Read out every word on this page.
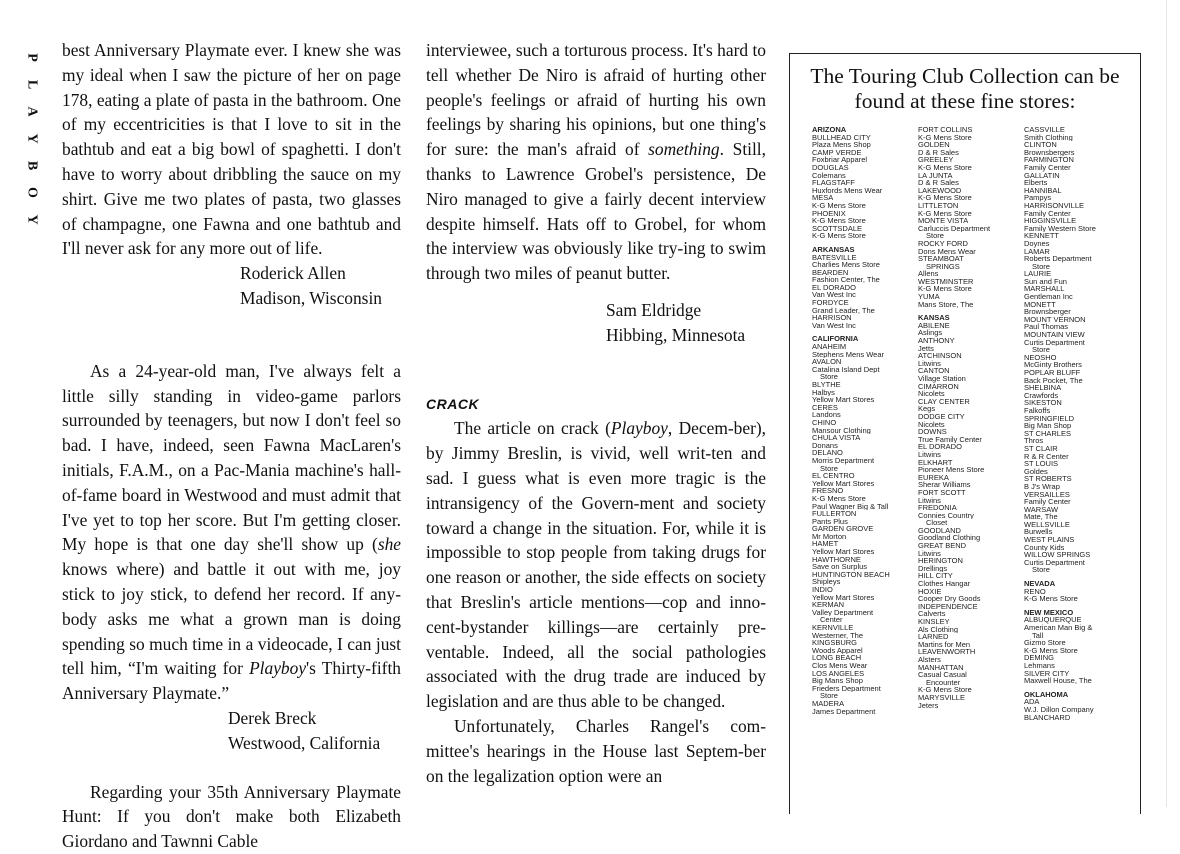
P
L
A
Y
B
O
Y

best Anniversary Playmate ever. I knew she was my ideal when I saw the picture of her on page 178, eating a plate of pasta in the bathroom. One of my eccentricities is that I love to sit in the bathtub and eat a big bowl of spaghetti. I don't have to worry about dribbling the sauce on my shirt. Give me two plates of pasta, two glasses of champagne, one Fawna and one bathtub and I'll never ask for any more out of life.

Roderick Allen

Madison, Wisconsin

As a 24-year-old man, I've always felt a little silly standing in video-game parlors surrounded by teenagers, but now I don't feel so bad. I have, indeed, seen Fawna MacLaren's initials, F.A.M., on a Pac-Mania machine's hall-of-fame board in Westwood and must admit that I've yet to top her score. But I'm getting closer. My hope is that one day she'll show up (she knows where) and battle it out with me, joy stick to joy stick, to defend her record. If any-body asks me what a grown man is doing spending so much time in a videocade, I can just tell him, “I'm waiting for Playboy's Thirty-fifth Anniversary Playmate.”

Derek Breck

Westwood, California

Regarding your 35th Anniversary Playmate Hunt: If you don't make both Elizabeth Giordano and Tawnni Cable

interviewee, such a torturous process. It's hard to tell whether De Niro is afraid of hurting other people's feelings or afraid of hurting his own feelings by sharing his opinions, but one thing's for sure: the man's afraid of something. Still, thanks to Lawrence Grobel's persistence, De Niro managed to give a fairly decent interview despite himself. Hats off to Grobel, for whom the interview was obviously like try-ing to swim through two miles of peanut butter.

Sam Eldridge

Hibbing, Minnesota

CRACK

The article on crack (Playboy, Decem-ber), by Jimmy Breslin, is vivid, well writ-ten and sad. I guess what is even more tragic is the intransigency of the Govern-ment and society toward a change in the situation. For, while it is impossible to stop people from taking drugs for one reason or another, the side effects on society that Breslin's article mentions—cop and inno-cent-bystander killings—are certainly pre-ventable. Indeed, all the social pathologies associated with the drug trade are induced by legislation and are thus able to be changed.

Unfortunately, Charles Rangel's com-mittee's hearings in the House last Septem-ber on the legalization option were an

The Touring Club Collection can be
found at these fine stores:
ARIZONA
BULLHEAD CITY
Plaza Mens Shop
CAMP VERDE
Foxbriar Apparel
DOUGLAS
Colemans
FLAGSTAFF
Huxfords Mens Wear
MESA
K-G Mens Store
PHOENIX
K-G Mens Store
SCOTTSDALE
K-G Mens Store
ARKANSAS
BATESVILLE
Charlies Mens Store
BEARDEN
Fashion Center, The
EL DORADO
Van West Inc
FORDYCE
Grand Leader, The
HARRISON
Van West Inc
CALIFORNIA
ANAHEIM
Stephens Mens Wear
AVALON
Catalina Island Dept
Store
BLYTHE
Halbys
Yellow Mart Stores
CERES
Landons
CHINO
Mansour Clothing
CHULA VISTA
Donans
DELANO
Morris Department
Store
EL CENTRO
Yellow Mart Stores
FRESNO
K-G Mens Store
Paul Wagner Big & Tall
FULLERTON
Pants Plus
GARDEN GROVE
Mr Morton
HAMET
Yellow Mart Stores
HAWTHORNE
Save on Surplus
HUNTINGTON BEACH
Shipleys
INDIO
Yellow Mart Stores
KERMAN
Valley Department
Center
KERNVILLE
Westerner, The
KINGSBURG
Woods Apparel
LONG BEACH
Clos Mens Wear
LOS ANGELES
Big Mans Shop
Frieders Department
Store
MADERA
James Department
FORT COLLINS
K-G Mens Store
GOLDEN
D & R Sales
GREELEY
K-G Mens Store
LA JUNTA
D & R Sales
LAKEWOOD
K-G Mens Store
LITTLETON
K-G Mens Store
MONTE VISTA
Carluccis Department
Store
ROCKY FORD
Dons Mens Wear
STEAMBOAT
SPRINGS
Allens
WESTMINSTER
K-G Mens Store
YUMA
Mans Store, The
KANSAS
ABILENE
Aslings
ANTHONY
Jetts
ATCHINSON
Litwins
CANTON
Village Station
CIMARRON
Nicolets
CLAY CENTER
Kegs
DODGE CITY
Nicolets
DOWNS
True Family Center
EL DORADO
Litwins
ELKHART
Pioneer Mens Store
EUREKA
Sherar Williams
FORT SCOTT
Litwins
FREDONIA
Connies Country
Closet
GOODLAND
Goodland Clothing
GREAT BEND
Litwins
HERINGTON
Drellings
HILL CITY
Clothes Hangar
HOXIE
Cooper Dry Goods
INDEPENDENCE
Calverts
KINSLEY
Als Clothing
LARNED
Martins for Men
LEAVENWORTH
Alsters
MANHATTAN
Casual Casual
Encounter
K-G Mens Store
MARYSVILLE
Jeters
CASSVILLE
Smith Clothing
CLINTON
Brownsbergers
FARMINGTON
Family Center
GALLATIN
Elberts
HANNIBAL
Pampys
HARRISONVILLE
Family Center
HIGGINSVILLE
Family Western Store
KENNETT
Doynes
LAMAR
Roberts Department
Store
LAURIE
Sun and Fun
MARSHALL
Gentleman Inc
MONETT
Brownsberger
MOUNT VERNON
Paul Thomas
MOUNTAIN VIEW
Curtis Department
Store
NEOSHO
McGinty Brothers
POPLAR BLUFF
Back Pocket, The
SHELBINA
Crawfords
SIKESTON
Falkoffs
SPRINGFIELD
Big Man Shop
ST CHARLES
Thros
ST CLAIR
R & R Center
ST LOUIS
Goldes
ST ROBERTS
B J's Wrap
VERSAILLES
Family Center
WARSAW
Mate, The
WELLSVILLE
Burwells
WEST PLAINS
County Kids
WILLOW SPRINGS
Curtis Department
Store
NEVADA
RENO
K-G Mens Store
NEW MEXICO
ALBUQUERQUE
American Man Big &
Tall
Gizmo Store
K-G Mens Store
DEMING
Lehmans
SILVER CITY
Maxwell House, The
OKLAHOMA
ADA
W.J. Dillon Company
BLANCHARD
